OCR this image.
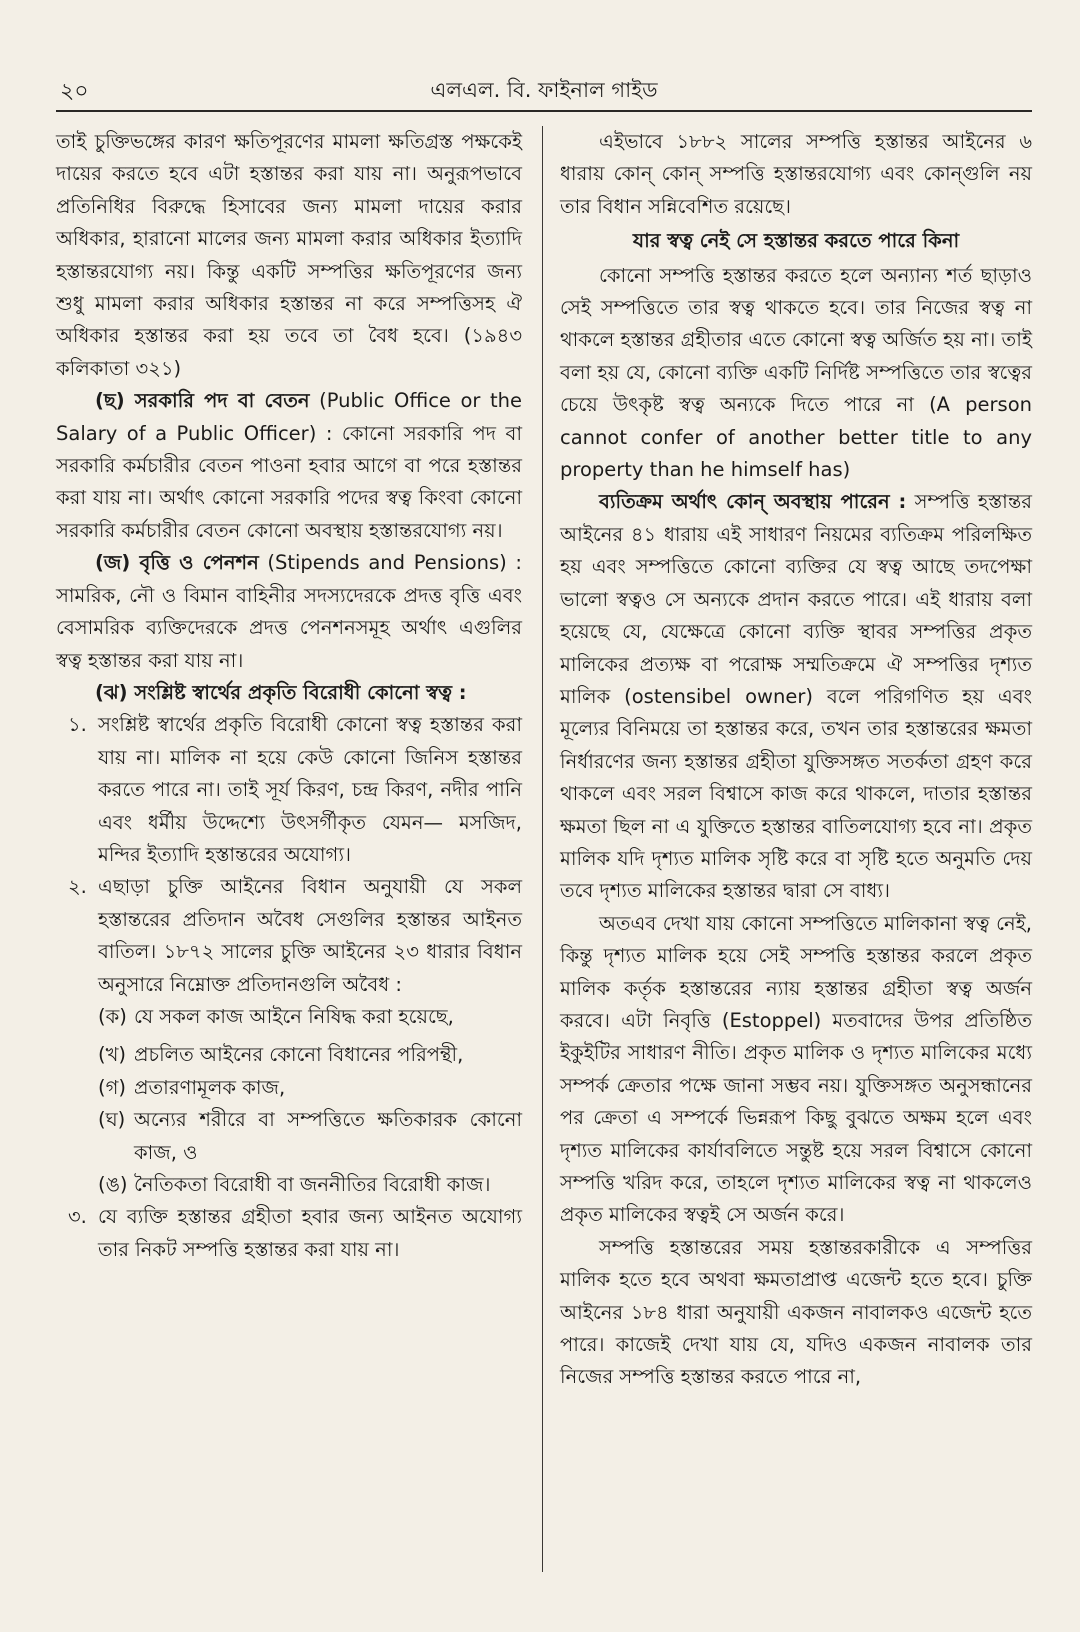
২০	এলএল. বি. ফাইনাল গাইড

তাই চুক্তিভঙ্গের কারণ ক্ষতিপূরণের মামলা ক্ষতিগ্রস্ত পক্ষকেই দায়ের করতে হবে এটা হস্তান্তর করা যায় না। অনুরূপভাবে প্রতিনিধির বিরুদ্ধে হিসাবের জন্য মামলা দায়ের করার অধিকার, হারানো মালের জন্য মামলা করার অধিকার ইত্যাদি হস্তান্তরযোগ্য নয়। কিন্তু একটি সম্পত্তির ক্ষতিপূরণের জন্য শুধু মামলা করার অধিকার হস্তান্তর না করে সম্পত্তিসহ ঐ অধিকার হস্তান্তর করা হয় তবে তা বৈধ হবে। (১৯৪৩ কলিকাতা ৩২১)

(ছ) সরকারি পদ বা বেতন (Public Office or the Salary of a Public Officer) : কোনো সরকারি পদ বা সরকারি কর্মচারীর বেতন পাওনা হবার আগে বা পরে হস্তান্তর করা যায় না। অর্থাৎ কোনো সরকারি পদের স্বত্ব কিংবা কোনো সরকারি কর্মচারীর বেতন কোনো অবস্থায় হস্তান্তরযোগ্য নয়।

(জ) বৃত্তি ও পেনশন (Stipends and Pensions) : সামরিক, নৌ ও বিমান বাহিনীর সদস্যদেরকে প্রদত্ত বৃত্তি এবং বেসামরিক ব্যক্তিদেরকে প্রদত্ত পেনশনসমূহ অর্থাৎ এগুলির স্বত্ব হস্তান্তর করা যায় না।

(ঝ) সংশ্লিষ্ট স্বার্থের প্রকৃতি বিরোধী কোনো স্বত্ব :

১. সংশ্লিষ্ট স্বার্থের প্রকৃতি বিরোধী কোনো স্বত্ব হস্তান্তর করা যায় না। মালিক না হয়ে কেউ কোনো জিনিস হস্তান্তর করতে পারে না। তাই সূর্য কিরণ, চন্দ্র কিরণ, নদীর পানি এবং ধর্মীয় উদ্দেশ্যে উৎসর্গীকৃত যেমন— মসজিদ, মন্দির ইত্যাদি হস্তান্তরের অযোগ্য।
২. এছাড়া চুক্তি আইনের বিধান অনুযায়ী যে সকল হস্তান্তরের প্রতিদান অবৈধ সেগুলির হস্তান্তর আইনত বাতিল। ১৮৭২ সালের চুক্তি আইনের ২৩ ধারার বিধান অনুসারে নিম্নোক্ত প্রতিদানগুলি অবৈধ :
(ক) যে সকল কাজ আইনে নিষিদ্ধ করা হয়েছে,
(খ) প্রচলিত আইনের কোনো বিধানের পরিপন্থী,
(গ) প্রতারণামূলক কাজ,
(ঘ) অন্যের শরীরে বা সম্পত্তিতে ক্ষতিকারক কোনো কাজ, ও
(ঙ) নৈতিকতা বিরোধী বা জননীতির বিরোধী কাজ।
৩. যে ব্যক্তি হস্তান্তর গ্রহীতা হবার জন্য আইনত অযোগ্য তার নিকট সম্পত্তি হস্তান্তর করা যায় না।

এইভাবে ১৮৮২ সালের সম্পত্তি হস্তান্তর আইনের ৬ ধারায় কোন্ কোন্ সম্পত্তি হস্তান্তরযোগ্য এবং কোন্‌গুলি নয় তার বিধান সন্নিবেশিত রয়েছে।

যার স্বত্ব নেই সে হস্তান্তর করতে পারে কিনা

কোনো সম্পত্তি হস্তান্তর করতে হলে অন্যান্য শর্ত ছাড়াও সেই সম্পত্তিতে তার স্বত্ব থাকতে হবে। তার নিজের স্বত্ব না থাকলে হস্তান্তর গ্রহীতার এতে কোনো স্বত্ব অর্জিত হয় না। তাই বলা হয় যে, কোনো ব্যক্তি একটি নির্দিষ্ট সম্পত্তিতে তার স্বত্বের চেয়ে উৎকৃষ্ট স্বত্ব অন্যকে দিতে পারে না (A person cannot confer of another better title to any property than he himself has)

ব্যতিক্রম অর্থাৎ কোন্ অবস্থায় পারেন : সম্পত্তি হস্তান্তর আইনের ৪১ ধারায় এই সাধারণ নিয়মের ব্যতিক্রম পরিলক্ষিত হয় এবং সম্পত্তিতে কোনো ব্যক্তির যে স্বত্ব আছে তদপেক্ষা ভালো স্বত্বও সে অন্যকে প্রদান করতে পারে। এই ধারায় বলা হয়েছে যে, যেক্ষেত্রে কোনো ব্যক্তি স্থাবর সম্পত্তির প্রকৃত মালিকের প্রত্যক্ষ বা পরোক্ষ সম্মতিক্রমে ঐ সম্পত্তির দৃশ্যত মালিক (ostensibel owner) বলে পরিগণিত হয় এবং মূল্যের বিনিময়ে তা হস্তান্তর করে, তখন তার হস্তান্তরের ক্ষমতা নির্ধারণের জন্য হস্তান্তর গ্রহীতা যুক্তিসঙ্গত সতর্কতা গ্রহণ করে থাকলে এবং সরল বিশ্বাসে কাজ করে থাকলে, দাতার হস্তান্তর ক্ষমতা ছিল না এ যুক্তিতে হস্তান্তর বাতিলযোগ্য হবে না। প্রকৃত মালিক যদি দৃশ্যত মালিক সৃষ্টি করে বা সৃষ্টি হতে অনুমতি দেয় তবে দৃশ্যত মালিকের হস্তান্তর দ্বারা সে বাধ্য।

অতএব দেখা যায় কোনো সম্পত্তিতে মালিকানা স্বত্ব নেই, কিন্তু দৃশ্যত মালিক হয়ে সেই সম্পত্তি হস্তান্তর করলে প্রকৃত মালিক কর্তৃক হস্তান্তরের ন্যায় হস্তান্তর গ্রহীতা স্বত্ব অর্জন করবে। এটা নিবৃত্তি (Estoppel) মতবাদের উপর প্রতিষ্ঠিত ইকুইটির সাধারণ নীতি। প্রকৃত মালিক ও দৃশ্যত মালিকের মধ্যে সম্পর্ক ক্রেতার পক্ষে জানা সম্ভব নয়। যুক্তিসঙ্গত অনুসন্ধানের পর ক্রেতা এ সম্পর্কে ভিন্নরূপ কিছু বুঝতে অক্ষম হলে এবং দৃশ্যত মালিকের কার্যাবলিতে সন্তুষ্ট হয়ে সরল বিশ্বাসে কোনো সম্পত্তি খরিদ করে, তাহলে দৃশ্যত মালিকের স্বত্ব না থাকলেও প্রকৃত মালিকের স্বত্বই সে অর্জন করে।

সম্পত্তি হস্তান্তরের সময় হস্তান্তরকারীকে এ সম্পত্তির মালিক হতে হবে অথবা ক্ষমতাপ্রাপ্ত এজেন্ট হতে হবে। চুক্তি আইনের ১৮৪ ধারা অনুযায়ী একজন নাবালকও এজেন্ট হতে পারে। কাজেই দেখা যায় যে, যদিও একজন নাবালক তার নিজের সম্পত্তি হস্তান্তর করতে পারে না,
